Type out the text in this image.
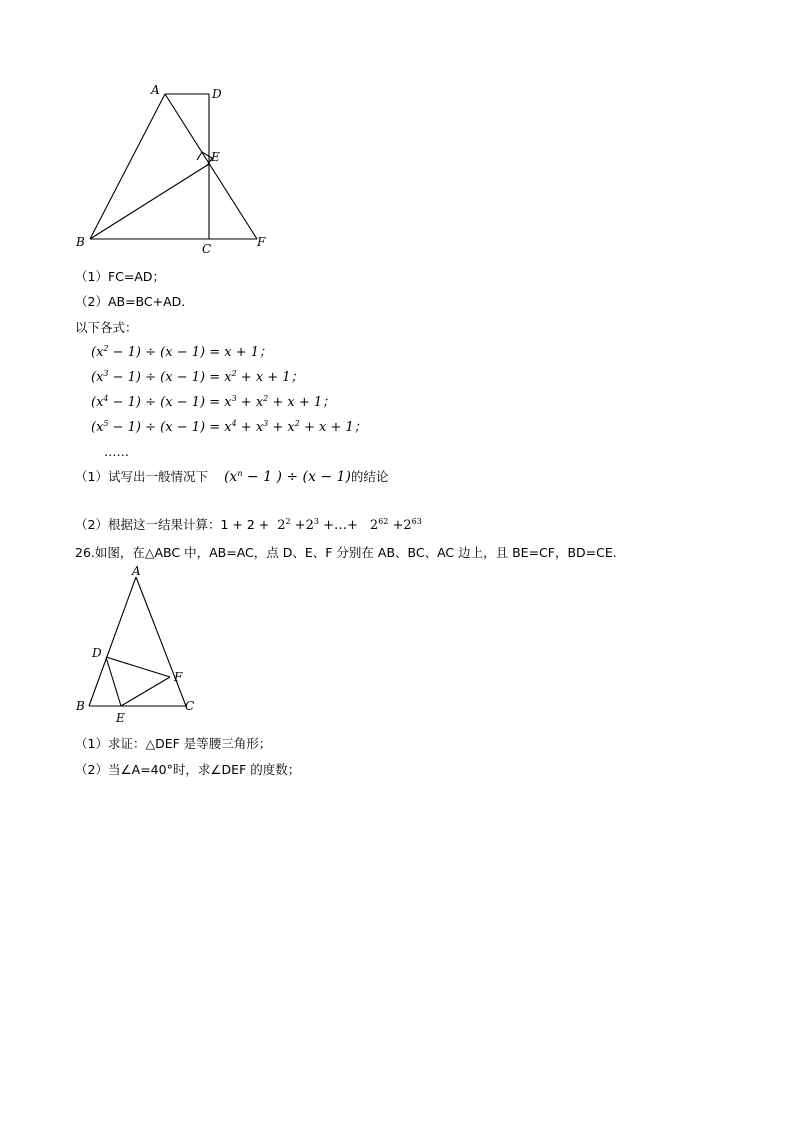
A	D
E
B	C	F
（1）FC=AD；
（2）AB=BC+AD.
以下各式：
$(x^2 - 1) \div (x - 1) = x + 1$；
$(x^3 - 1) \div (x - 1) = x^2 + x + 1$；
$(x^4 - 1) \div (x - 1) = x^3 + x^2 + x + 1$；
$(x^5 - 1) \div (x - 1) = x^4 + x^3 + x^2 + x + 1$；
……
（1）试写出一般情况下 ($x^n - 1$ ) ÷ (x − 1)的结论
（2）根据这一结果计算：$1 + 2 + 2^2 +2^3$ +…+ $2^{62} +2^{63}$
26.如图，在△ABC 中，AB=AC，点 D、E、F 分别在 AB、BC、AC 边上，且 BE=CF，BD=CE.
A
D
F
B
E
C
（1）求证：△DEF 是等腰三角形；
（2）当∠A=40°时，求∠DEF 的度数；
